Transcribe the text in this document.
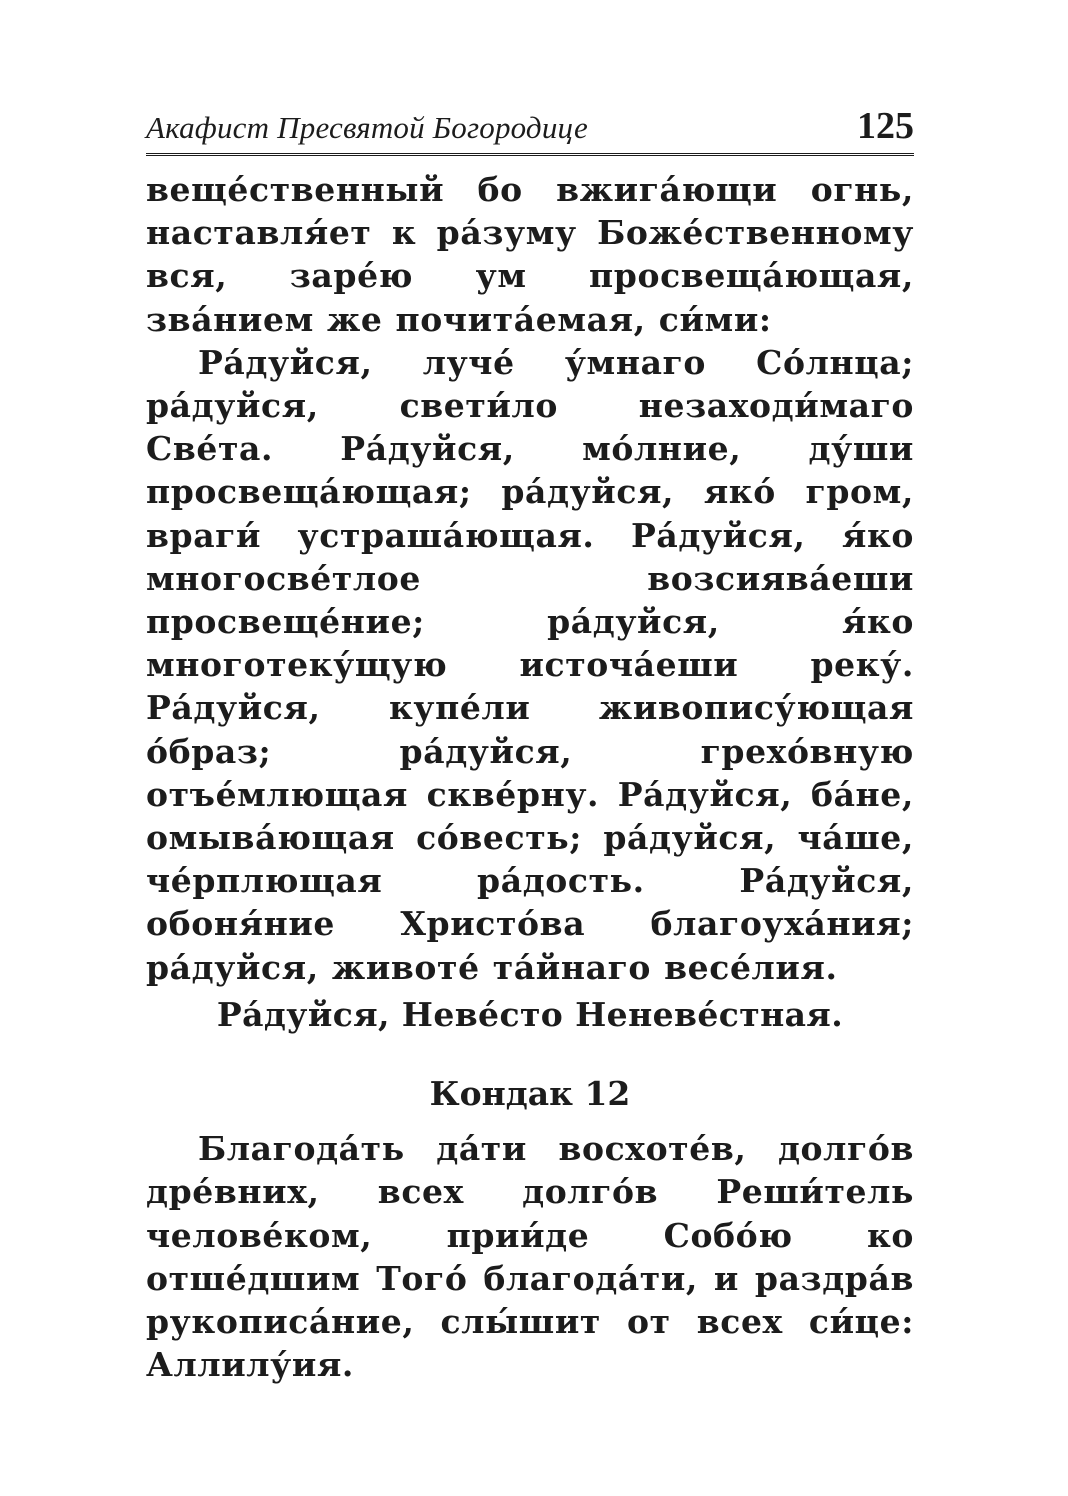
Акафист Пресвятой Богородице	125

веще́ственный бо вжига́ющи огнь, наставля́ет к ра́зуму Боже́ственному вся, заре́ю ум просвеща́ющая, зва́нием же почита́емая, си́ми:

Ра́дуйся, луче́ у́мнаго Со́лнца; ра́дуйся, свети́ло незаходи́маго Све́та. Ра́дуйся, мо́лние, ду́ши просвеща́ющая; ра́дуйся, яко́ гром, враги́ устраша́ющая. Ра́дуйся, я́ко многосве́тлое возсиява́еши просвеще́ние; ра́дуйся, я́ко многотеку́щую источа́еши реку́. Ра́дуйся, купе́ли живопису́ющая о́браз; ра́дуйся, грехо́вную отъе́млющая скве́рну. Ра́дуйся, ба́не, омыва́ющая со́весть; ра́дуйся, ча́ше, че́рплющая ра́дость. Ра́дуйся, обоня́ние Христо́ва благоуха́ния; ра́дуйся, животе́ та́йнаго весе́лия.

Ра́дуйся, Неве́сто Неневе́стная.

Кондак 12

Благода́ть да́ти восхоте́в, долго́в дре́вних, всех долго́в Реши́тель челове́ком, прии́де Собо́ю ко отше́дшим Того́ благода́ти, и раздра́в рукописа́ние, слы́шит от всех си́це: Аллилу́ия.
